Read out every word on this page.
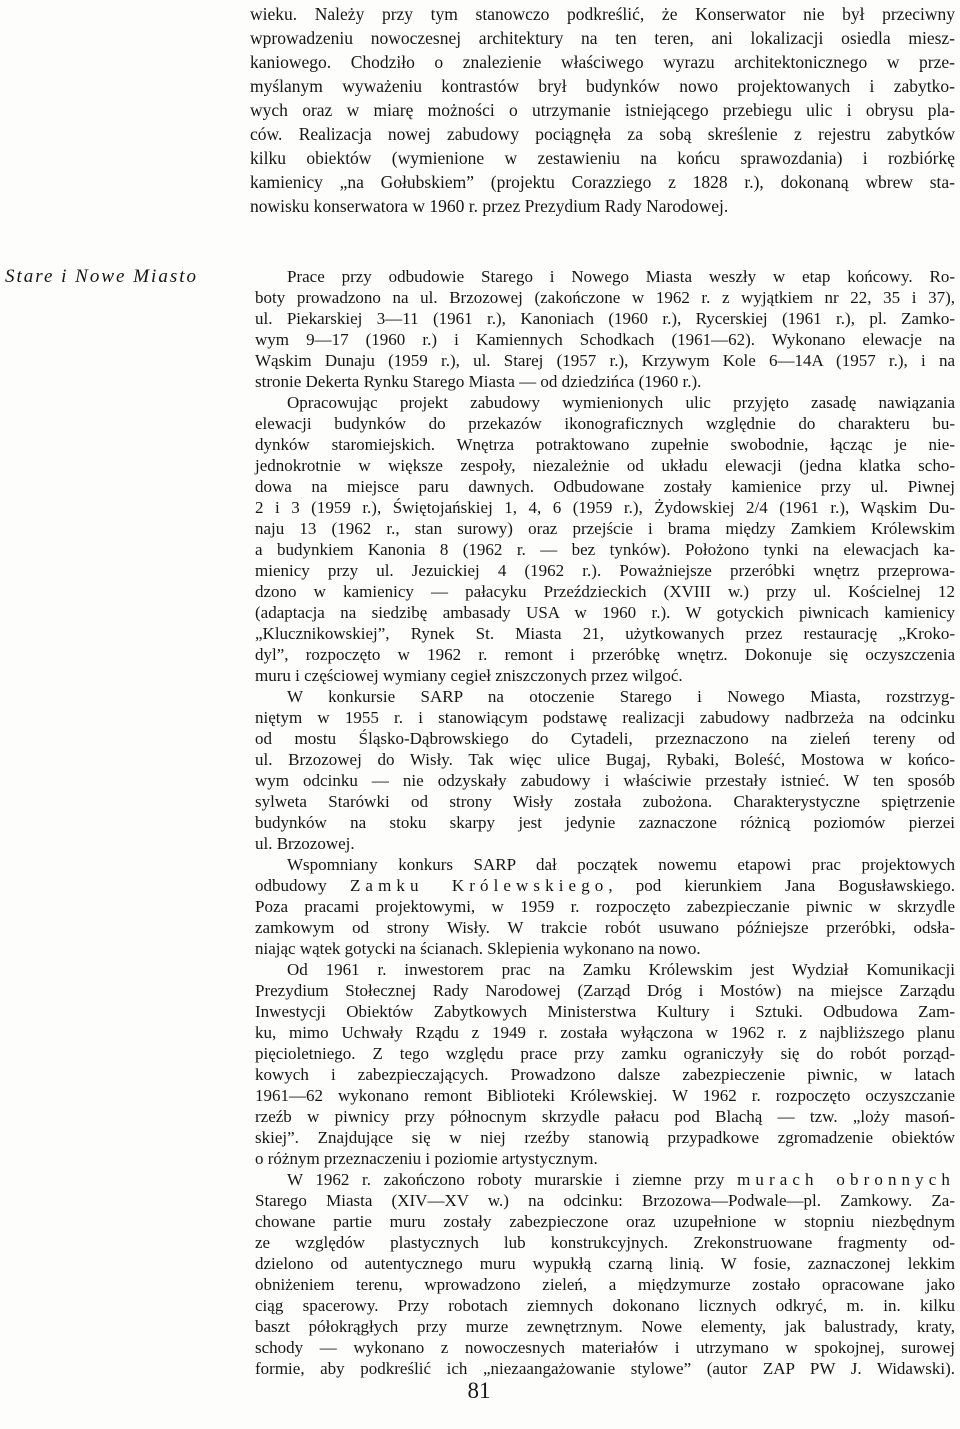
wieku. Należy przy tym stanowczo podkreślić, że Konserwator nie był przeciwny
wprowadzeniu nowoczesnej architektury na ten teren, ani lokalizacji osiedla miesz-
kaniowego. Chodziło o znalezienie właściwego wyrazu architektonicznego w prze-
myślanym wyważeniu kontrastów brył budynków nowo projektowanych i zabytko-
wych oraz w miarę możności o utrzymanie istniejącego przebiegu ulic i obrysu pla-
ców. Realizacja nowej zabudowy pociągnęła za sobą skreślenie z rejestru zabytków
kilku obiektów (wymienione w zestawieniu na końcu sprawozdania) i rozbiórkę
kamienicy „na Gołubskiem” (projektu Corazziego z 1828 r.), dokonaną wbrew sta-
nowisku konserwatora w 1960 r. przez Prezydium Rady Narodowej.
Stare i Nowe Miasto	Prace przy odbudowie Starego i Nowego Miasta weszły w etap końcowy. Ro-
boty prowadzono na ul. Brzozowej (zakończone w 1962 r. z wyjątkiem nr 22, 35 i 37),
ul. Piekarskiej 3—11 (1961 r.), Kanoniach (1960 r.), Rycerskiej (1961 r.), pl. Zamko-
wym 9—17 (1960 r.) i Kamiennych Schodkach (1961—62). Wykonano elewacje na
Wąskim Dunaju (1959 r.), ul. Starej (1957 r.), Krzywym Kole 6—14A (1957 r.), i na
stronie Dekerta Rynku Starego Miasta — od dziedzińca (1960 r.).
Opracowując projekt zabudowy wymienionych ulic przyjęto zasadę nawiązania
elewacji budynków do przekazów ikonograficznych względnie do charakteru bu-
dynków staromiejskich. Wnętrza potraktowano zupełnie swobodnie, łącząc je nie-
jednokrotnie w większe zespoły, niezależnie od układu elewacji (jedna klatka scho-
dowa na miejsce paru dawnych. Odbudowane zostały kamienice przy ul. Piwnej
2 i 3 (1959 r.), Świętojańskiej 1, 4, 6 (1959 r.), Żydowskiej 2/4 (1961 r.), Wąskim Du-
naju 13 (1962 r., stan surowy) oraz przejście i brama między Zamkiem Królewskim
a budynkiem Kanonia 8 (1962 r. — bez tynków). Położono tynki na elewacjach ka-
mienicy przy ul. Jezuickiej 4 (1962 r.). Poważniejsze przeróbki wnętrz przeprowa-
dzono w kamienicy — pałacyku Przeździeckich (XVIII w.) przy ul. Kościelnej 12
(adaptacja na siedzibę ambasady USA w 1960 r.). W gotyckich piwnicach kamienicy
„Klucznikowskiej”, Rynek St. Miasta 21, użytkowanych przez restaurację „Kroko-
dyl”, rozpoczęto w 1962 r. remont i przeróbkę wnętrz. Dokonuje się oczyszczenia
muru i częściowej wymiany cegieł zniszczonych przez wilgoć.
W konkursie SARP na otoczenie Starego i Nowego Miasta, rozstrzyg-
niętym w 1955 r. i stanowiącym podstawę realizacji zabudowy nadbrzeża na odcinku
od mostu Śląsko-Dąbrowskiego do Cytadeli, przeznaczono na zieleń tereny od
ul. Brzozowej do Wisły. Tak więc ulice Bugaj, Rybaki, Boleść, Mostowa w końco-
wym odcinku — nie odzyskały zabudowy i właściwie przestały istnieć. W ten sposób
sylweta Starówki od strony Wisły została zubożona. Charakterystyczne spiętrzenie
budynków na stoku skarpy jest jedynie zaznaczone różnicą poziomów pierzei
ul. Brzozowej.
Wspomniany konkurs SARP dał początek nowemu etapowi prac projektowych
odbudowy Zamku Królewskiego, pod kierunkiem Jana Bogusławskiego.
Poza pracami projektowymi, w 1959 r. rozpoczęto zabezpieczanie piwnic w skrzydle
zamkowym od strony Wisły. W trakcie robót usuwano późniejsze przeróbki, odsła-
niając wątek gotycki na ścianach. Sklepienia wykonano na nowo.
Od 1961 r. inwestorem prac na Zamku Królewskim jest Wydział Komunikacji
Prezydium Stołecznej Rady Narodowej (Zarząd Dróg i Mostów) na miejsce Zarządu
Inwestycji Obiektów Zabytkowych Ministerstwa Kultury i Sztuki. Odbudowa Zam-
ku, mimo Uchwały Rządu z 1949 r. została wyłączona w 1962 r. z najbliższego planu
pięcioletniego. Z tego względu prace przy zamku ograniczyły się do robót porząd-
kowych i zabezpieczających. Prowadzono dalsze zabezpieczenie piwnic, w latach
1961—62 wykonano remont Biblioteki Królewskiej. W 1962 r. rozpoczęto oczyszczanie
rzeźb w piwnicy przy północnym skrzydle pałacu pod Blachą — tzw. „loży masoń-
skiej”. Znajdujące się w niej rzeźby stanowią przypadkowe zgromadzenie obiektów
o różnym przeznaczeniu i poziomie artystycznym.
W 1962 r. zakończono roboty murarskie i ziemne przy murach obronnych
Starego Miasta (XIV—XV w.) na odcinku: Brzozowa—Podwale—pl. Zamkowy. Za-
chowane partie muru zostały zabezpieczone oraz uzupełnione w stopniu niezbędnym
ze względów plastycznych lub konstrukcyjnych. Zrekonstruowane fragmenty od-
dzielono od autentycznego muru wypukłą czarną linią. W fosie, zaznaczonej lekkim
obniżeniem terenu, wprowadzono zieleń, a międzymurze zostało opracowane jako
ciąg spacerowy. Przy robotach ziemnych dokonano licznych odkryć, m. in. kilku
baszt półokrągłych przy murze zewnętrznym. Nowe elementy, jak balustrady, kraty,
schody — wykonano z nowoczesnych materiałów i utrzymano w spokojnej, surowej
formie, aby podkreślić ich „niezaangażowanie stylowe” (autor ZAP PW J. Widawski).
81
